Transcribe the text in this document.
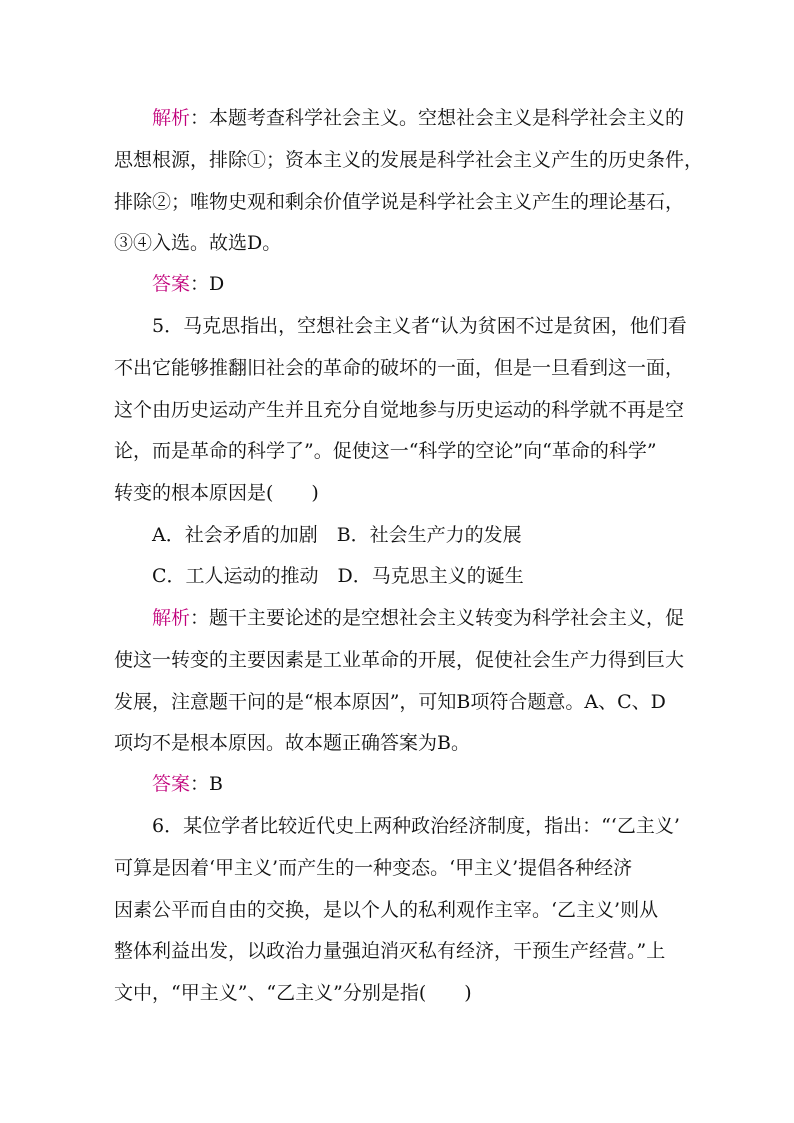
解析：本题考查科学社会主义。空想社会主义是科学社会主义的
思想根源，排除①；资本主义的发展是科学社会主义产生的历史条件，
排除②；唯物史观和剩余价值学说是科学社会主义产生的理论基石，
③④入选。故选D。
答案：D
5．马克思指出，空想社会主义者“认为贫困不过是贫困，他们看
不出它能够推翻旧社会的革命的破坏的一面，但是一旦看到这一面，
这个由历史运动产生并且充分自觉地参与历史运动的科学就不再是空
论，而是革命的科学了”。促使这一“科学的空论”向“革命的科学”
转变的根本原因是(　　)
A．社会矛盾的加剧　B．社会生产力的发展
C．工人运动的推动　D．马克思主义的诞生
解析：题干主要论述的是空想社会主义转变为科学社会主义，促
使这一转变的主要因素是工业革命的开展，促使社会生产力得到巨大
发展，注意题干问的是“根本原因”，可知B项符合题意。A、C、D
项均不是根本原因。故本题正确答案为B。
答案：B
6．某位学者比较近代史上两种政治经济制度，指出：“‘乙主义’
可算是因着‘甲主义’而产生的一种变态。‘甲主义’提倡各种经济
因素公平而自由的交换，是以个人的私利观作主宰。‘乙主义’则从
整体利益出发，以政治力量强迫消灭私有经济，干预生产经营。”上
文中，“甲主义”、“乙主义”分别是指(　　)
